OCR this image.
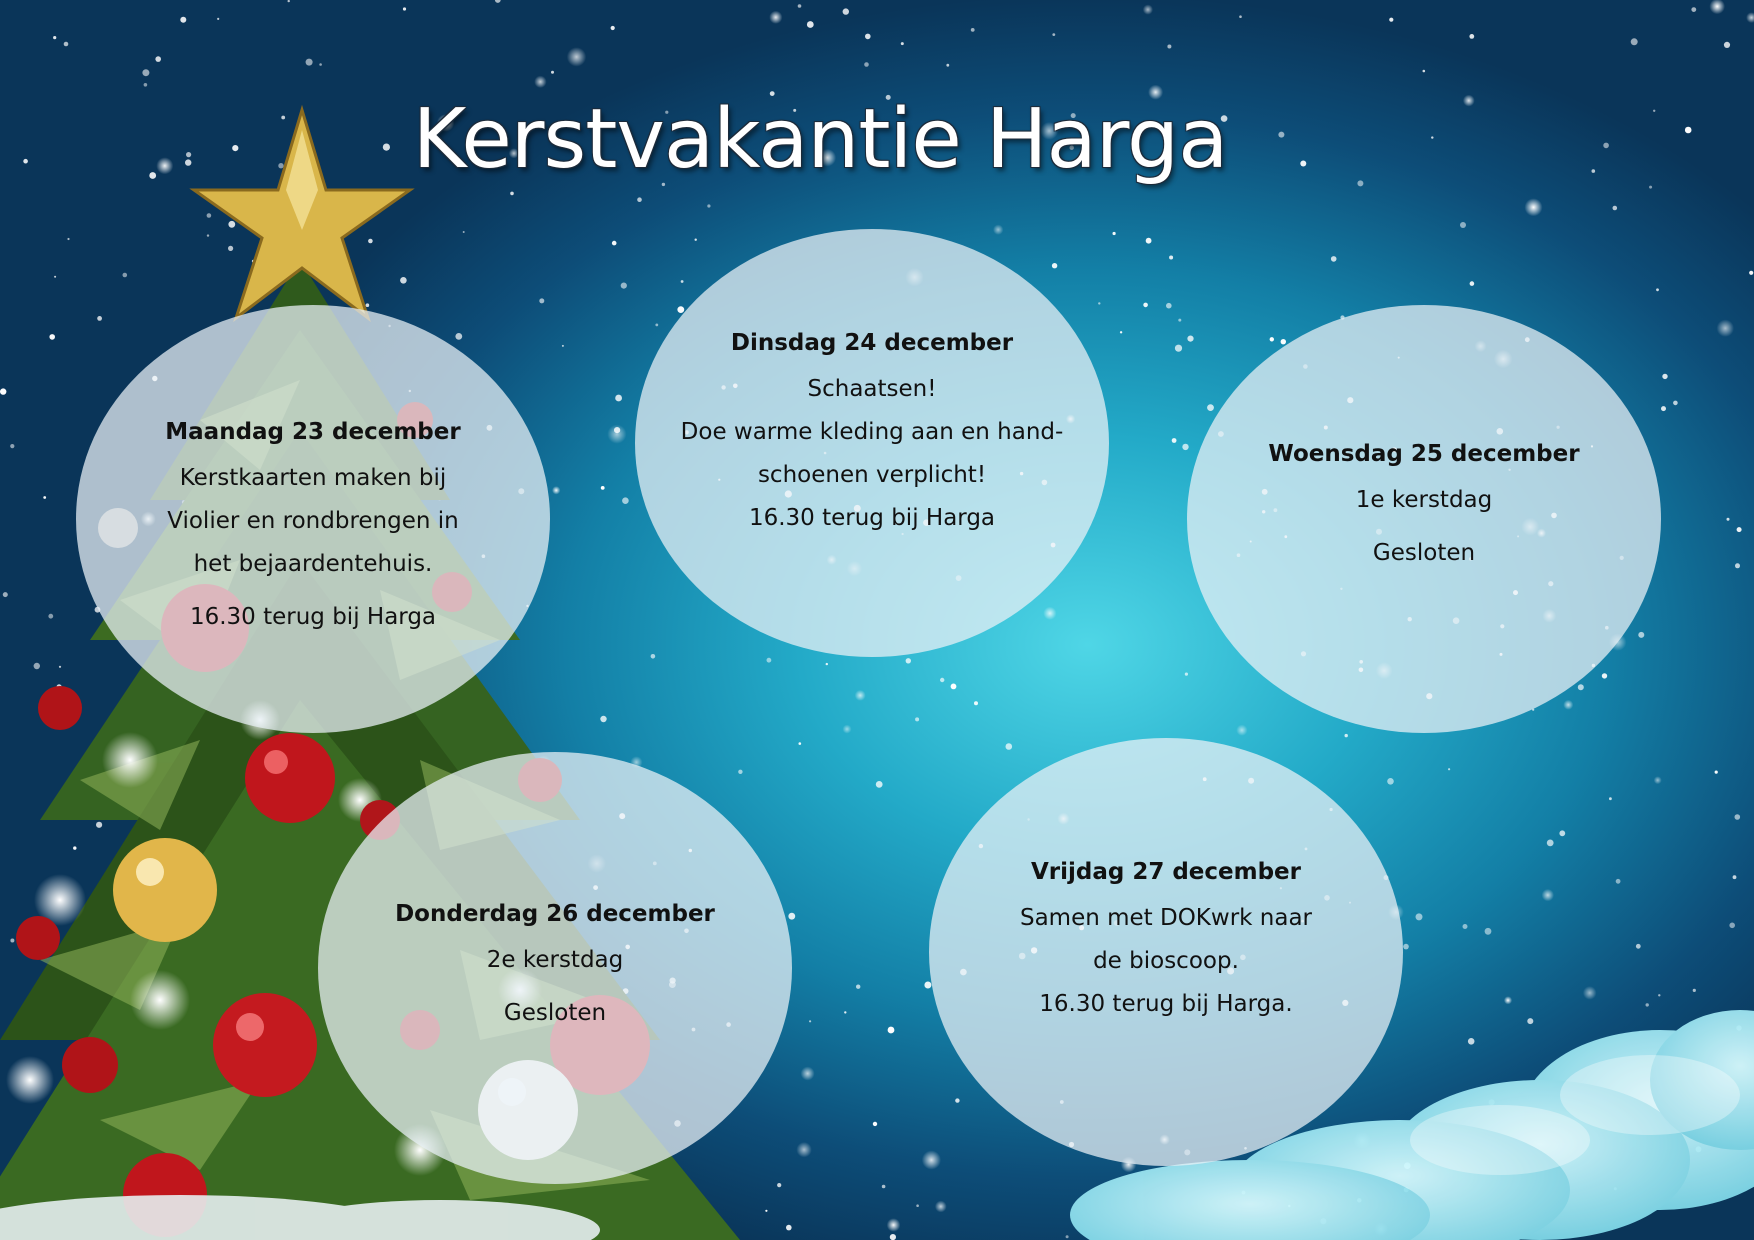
Kerstvakantie Harga
Maandag 23 december
Kerstkaarten maken bij
Violier en rondbrengen in
het bejaardentehuis.
16.30 terug bij Harga
Dinsdag 24 december
Schaatsen!
Doe warme kleding aan en hand-
schoenen verplicht!
16.30 terug bij Harga
Woensdag 25 december
1e kerstdag
Gesloten
Donderdag 26 december
2e kerstdag
Gesloten
Vrijdag 27 december
Samen met DOKwrk naar
de bioscoop.
16.30 terug bij Harga.
